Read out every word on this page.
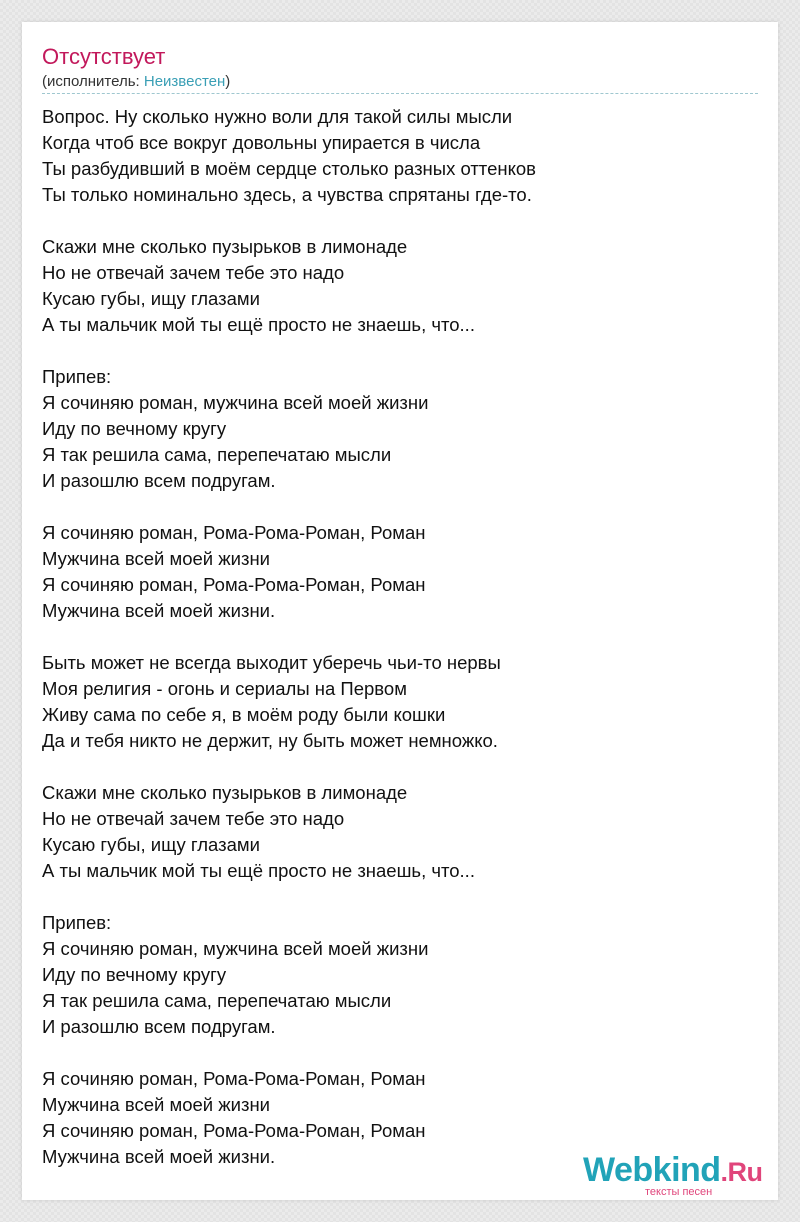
Отсутствует
(исполнитель: Неизвестен)
Вопрос. Ну сколько нужно воли для такой силы мысли
Когда чтоб все вокруг довольны упирается в числа
Ты разбудивший в моём сердце столько разных оттенков
Ты только номинально здесь, а чувства спрятаны где-то.
Скажи мне сколько пузырьков в лимонаде
Но не отвечай зачем тебе это надо
Кусаю губы, ищу глазами
А ты мальчик мой ты ещё просто не знаешь, что...
Припев:
Я сочиняю роман, мужчина всей моей жизни
Иду по вечному кругу
Я так решила сама, перепечатаю мысли
И разошлю всем подругам.
Я сочиняю роман, Рома-Рома-Роман, Роман
Мужчина всей моей жизни
Я сочиняю роман, Рома-Рома-Роман, Роман
Мужчина всей моей жизни.
Быть может не всегда выходит уберечь чьи-то нервы
Моя религия - огонь и сериалы на Первом
Живу сама по себе я, в моём роду были кошки
Да и тебя никто не держит, ну быть может немножко.
Скажи мне сколько пузырьков в лимонаде
Но не отвечай зачем тебе это надо
Кусаю губы, ищу глазами
А ты мальчик мой ты ещё просто не знаешь, что...
Припев:
Я сочиняю роман, мужчина всей моей жизни
Иду по вечному кругу
Я так решила сама, перепечатаю мысли
И разошлю всем подругам.
Я сочиняю роман, Рома-Рома-Роман, Роман
Мужчина всей моей жизни
Я сочиняю роман, Рома-Рома-Роман, Роман
Мужчина всей моей жизни.	Webkind.Ru
тексты песен
